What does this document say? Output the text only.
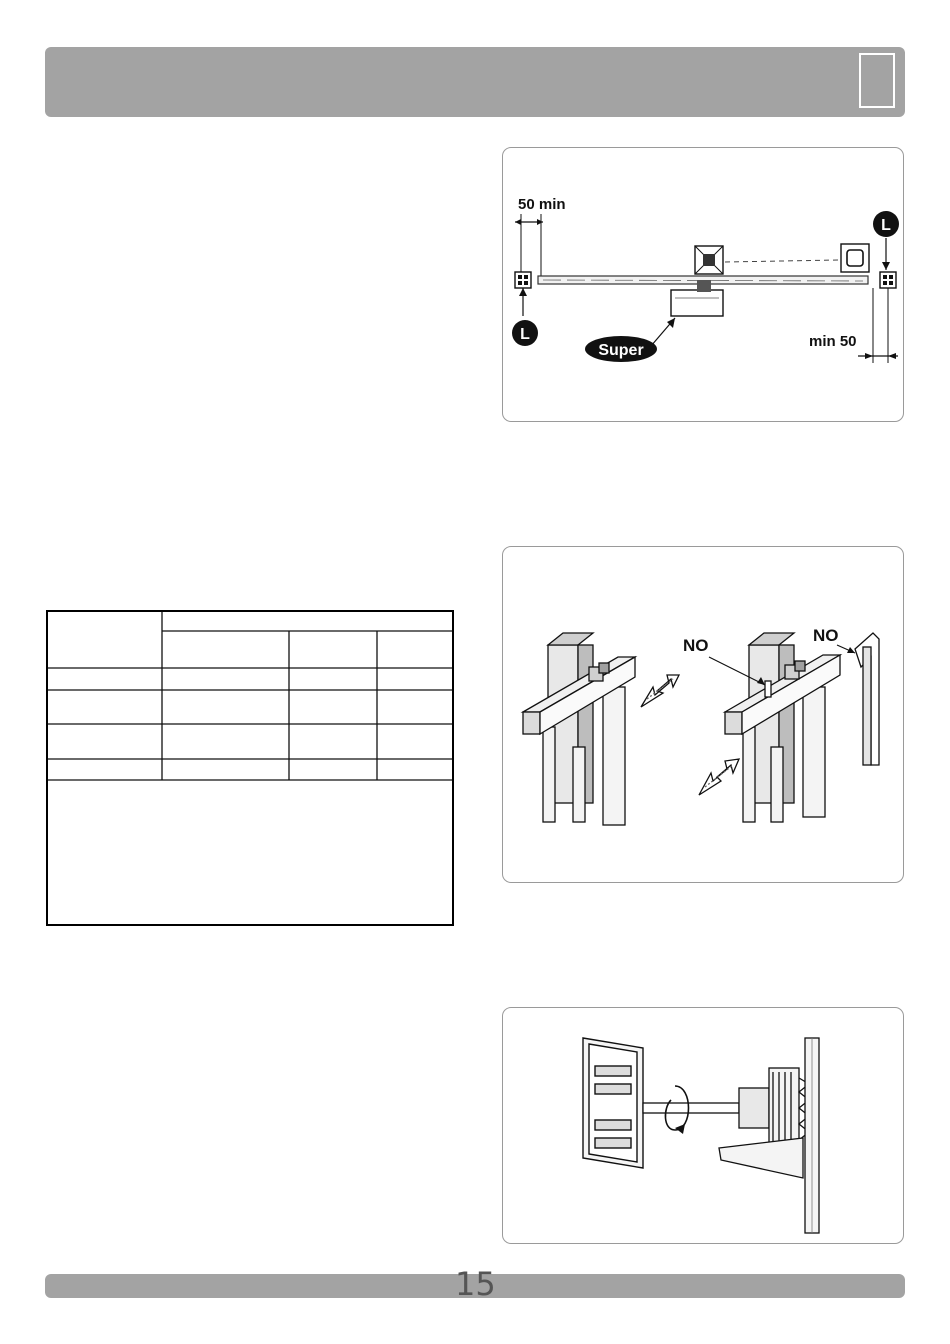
50 min
L
Super
L
min 50
NO
NO
15
